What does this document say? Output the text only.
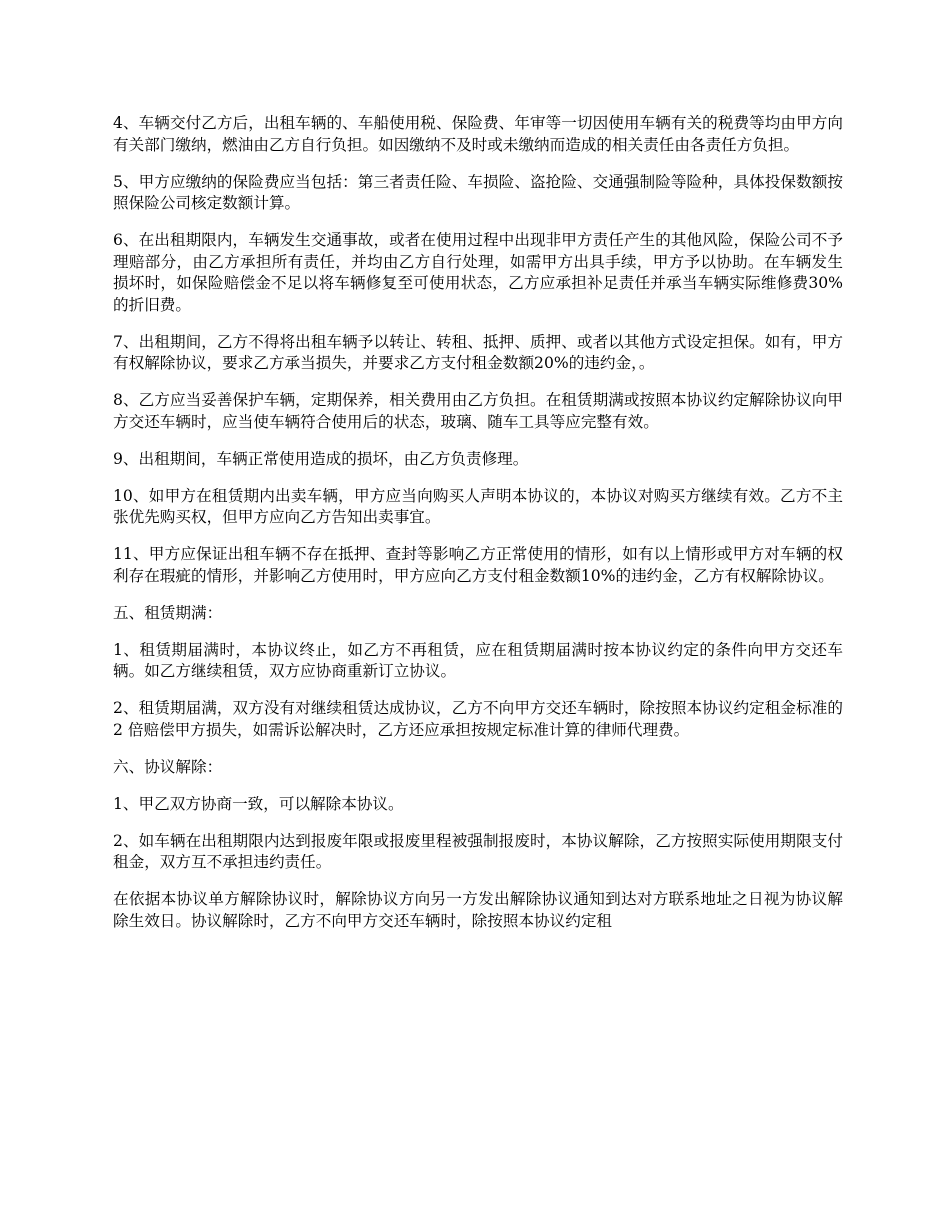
4、车辆交付乙方后，出租车辆的、车船使用税、保险费、年审等一切因使用车辆有关的税费等均由甲方向有关部门缴纳，燃油由乙方自行负担。如因缴纳不及时或未缴纳而造成的相关责任由各责任方负担。

5、甲方应缴纳的保险费应当包括：第三者责任险、车损险、盗抢险、交通强制险等险种，具体投保数额按照保险公司核定数额计算。

6、在出租期限内，车辆发生交通事故，或者在使用过程中出现非甲方责任产生的其他风险，保险公司不予理赔部分，由乙方承担所有责任，并均由乙方自行处理，如需甲方出具手续，甲方予以协助。在车辆发生损坏时，如保险赔偿金不足以将车辆修复至可使用状态，乙方应承担补足责任并承当车辆实际维修费30%的折旧费。

7、出租期间，乙方不得将出租车辆予以转让、转租、抵押、质押、或者以其他方式设定担保。如有，甲方有权解除协议，要求乙方承当损失，并要求乙方支付租金数额20%的违约金，。

8、乙方应当妥善保护车辆，定期保养，相关费用由乙方负担。在租赁期满或按照本协议约定解除协议向甲方交还车辆时，应当使车辆符合使用后的状态，玻璃、随车工具等应完整有效。

9、出租期间，车辆正常使用造成的损坏，由乙方负责修理。

10、如甲方在租赁期内出卖车辆，甲方应当向购买人声明本协议的，本协议对购买方继续有效。乙方不主张优先购买权，但甲方应向乙方告知出卖事宜。

11、甲方应保证出租车辆不存在抵押、查封等影响乙方正常使用的情形，如有以上情形或甲方对车辆的权利存在瑕疵的情形，并影响乙方使用时，甲方应向乙方支付租金数额10%的违约金，乙方有权解除协议。

五、租赁期满：

1、租赁期届满时，本协议终止，如乙方不再租赁，应在租赁期届满时按本协议约定的条件向甲方交还车辆。如乙方继续租赁，双方应协商重新订立协议。

2、租赁期届满，双方没有对继续租赁达成协议，乙方不向甲方交还车辆时，除按照本协议约定租金标准的 2 倍赔偿甲方损失，如需诉讼解决时，乙方还应承担按规定标准计算的律师代理费。

六、协议解除：

1、甲乙双方协商一致，可以解除本协议。

2、如车辆在出租期限内达到报废年限或报废里程被强制报废时，本协议解除，乙方按照实际使用期限支付租金，双方互不承担违约责任。

在依据本协议单方解除协议时，解除协议方向另一方发出解除协议通知到达对方联系地址之日视为协议解除生效日。协议解除时，乙方不向甲方交还车辆时，除按照本协议约定租
